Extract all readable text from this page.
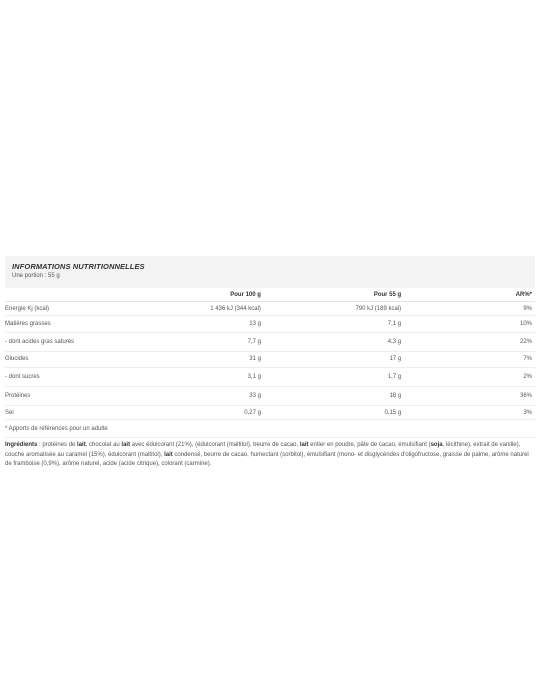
INFORMATIONS NUTRITIONNELLES
Une portion : 55 g
	Pour 100 g	Pour 55 g	AR%*
Energie Kj (kcal)	1 436 kJ (344 kcal)	790 kJ (189 kcal)	9%
Matières grasses	13 g	7,1 g	10%
- dont acides gras saturés	7,7 g	4,3 g	22%
Glucides	31 g	17 g	7%
- dont sucres	3,1 g	1,7 g	2%
Protéines	33 g	18 g	36%
Sel	0,27 g	0,15 g	3%
* Apports de références pour un adulte
Ingrédients : protéines de lait, chocolat au lait avec édulcorant (21%), (édulcorant (maltitol), beurre de cacao, lait entier en poudre, pâte de cacao, émulsifiant (soja, lécithine), extrait de vanille), couche aromatisée au caramel (15%), édulcorant (maltitol), lait condensé, beurre de cacao, humectant (sorbitol), émulsifiant (mono- et disglycérides d'oligofructose, graisse de palme, arôme naturel de framboise (0,9%), arôme naturel, acide (acide citrique), colorant (carmine).
